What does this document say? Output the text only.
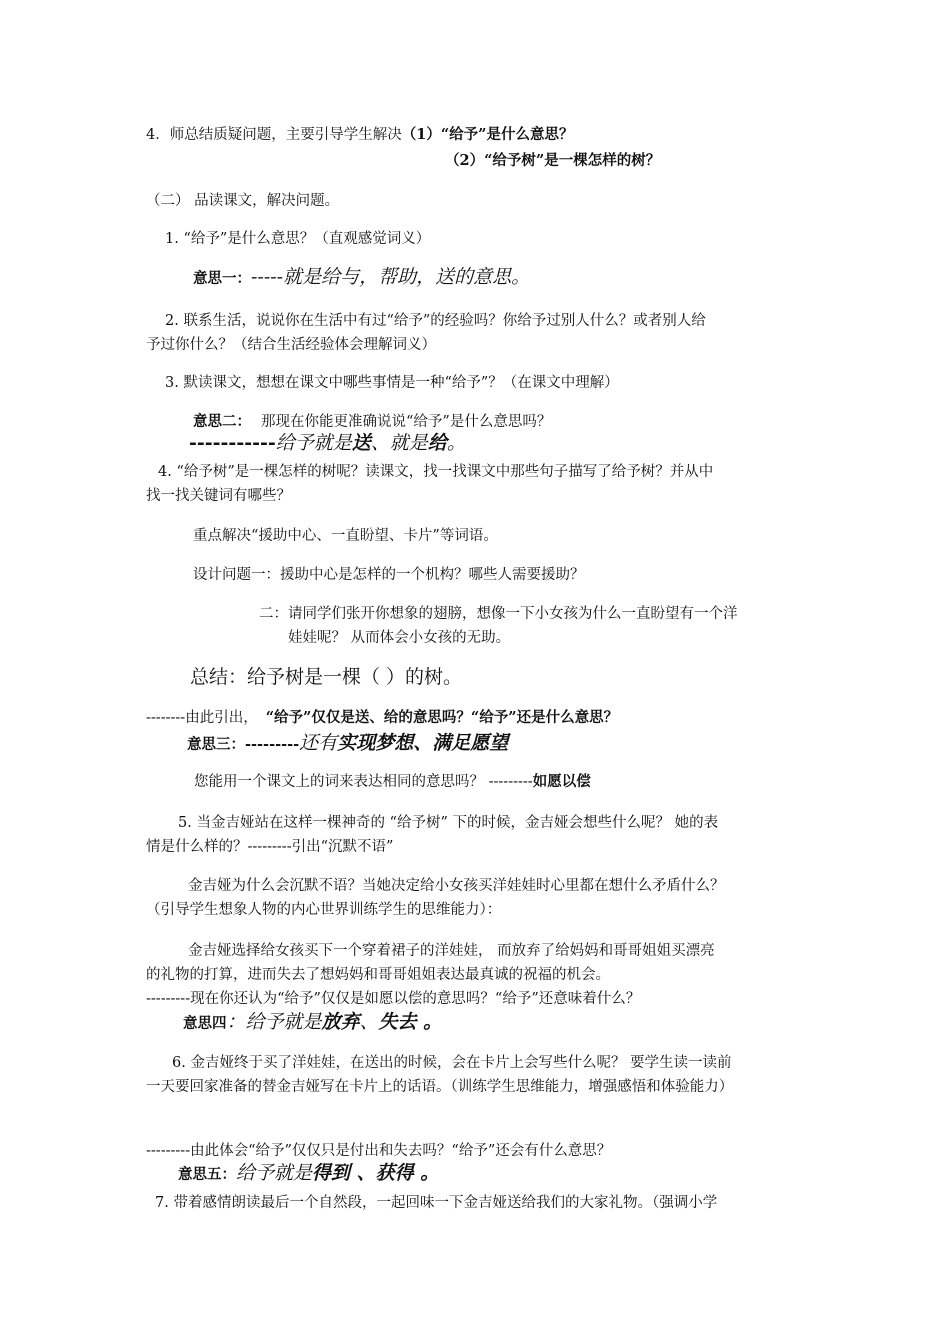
4．师总结质疑问题，主要引导学生解决（1）“给予”是什么意思？
（2）“给予树”是一棵怎样的树？
（二） 品读课文，解决问题。
1. “给予”是什么意思？（直观感觉词义）
意思一：-----就是给与，帮助，送的意思。
2. 联系生活，说说你在生活中有过“给予”的经验吗？你给予过别人什么？或者别人给
予过你什么？（结合生活经验体会理解词义）
3. 默读课文，想想在课文中哪些事情是一种“给予”？（在课文中理解）
意思二： 那现在你能更准确说说“给予”是什么意思吗？
-----------给予就是送、就是给。
4. “给予树”是一棵怎样的树呢？读课文，找一找课文中那些句子描写了给予树？并从中
找一找关键词有哪些？
重点解决“援助中心、一直盼望、卡片”等词语。
设计问题一：援助中心是怎样的一个机构？哪些人需要援助？
二：请同学们张开你想象的翅膀，想像一下小女孩为什么一直盼望有一个洋
娃娃呢？ 从而体会小女孩的无助。
总结：给予树是一棵（ ）的树。
--------由此引出， “给予”仅仅是送、给的意思吗？“给予”还是什么意思？
意思三：---------还有实现梦想、满足愿望
您能用一个课文上的词来表达相同的意思吗？ ---------如愿以偿
5. 当金吉娅站在这样一棵神奇的 “给予树” 下的时候，金吉娅会想些什么呢？ 她的表
情是什么样的？---------引出“沉默不语”
金吉娅为什么会沉默不语？当她决定给小女孩买洋娃娃时心里都在想什么矛盾什么？
（引导学生想象人物的内心世界训练学生的思维能力）：
金吉娅选择给女孩买下一个穿着裙子的洋娃娃， 而放弃了给妈妈和哥哥姐姐买漂亮
的礼物的打算，进而失去了想妈妈和哥哥姐姐表达最真诚的祝福的机会。
---------现在你还认为“给予”仅仅是如愿以偿的意思吗？“给予”还意味着什么？
意思四：给予就是放弃、失去 。
6. 金吉娅终于买了洋娃娃，在送出的时候，会在卡片上会写些什么呢？ 要学生读一读前
一天要回家准备的替金吉娅写在卡片上的话语。（训练学生思维能力，增强感悟和体验能力）
---------由此体会“给予”仅仅只是付出和失去吗？“给予”还会有什么意思？
意思五：给予就是得到 、获得 。
7. 带着感情朗读最后一个自然段，一起回味一下金吉娅送给我们的大家礼物。（强调小学
